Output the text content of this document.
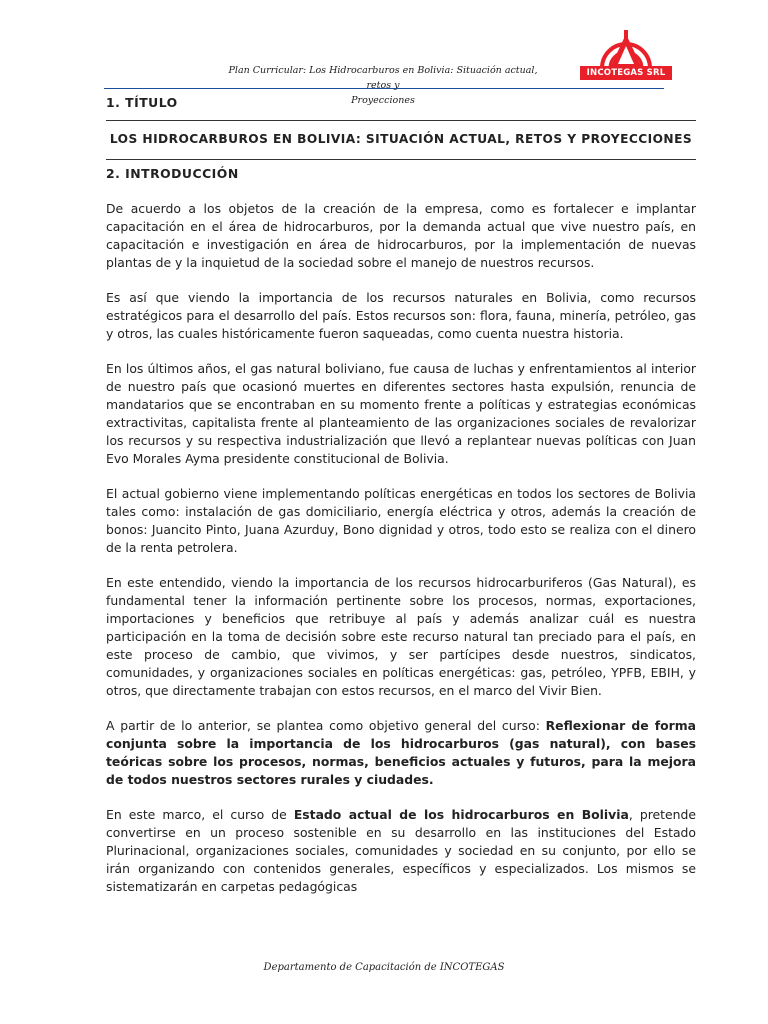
Plan Curricular: Los Hidrocarburos en Bolivia: Situación actual, retos y
Proyecciones
INCOTEGAS SRL
1. TÍTULO
LOS HIDROCARBUROS EN BOLIVIA: SITUACIÓN ACTUAL, RETOS Y PROYECCIONES
2. INTRODUCCIÓN

De acuerdo a los objetos de la creación de la empresa, como es fortalecer e implantar capacitación en el área de hidrocarburos, por la demanda actual que vive nuestro país, en capacitación e investigación en área de hidrocarburos, por la implementación de nuevas plantas de y la inquietud de la sociedad sobre el manejo de nuestros recursos.

Es así que viendo la importancia de los recursos naturales en Bolivia, como recursos estratégicos para el desarrollo del país. Estos recursos son: flora, fauna, minería, petróleo, gas y otros, las cuales históricamente fueron saqueadas, como cuenta nuestra historia.

En los últimos años, el gas natural boliviano, fue causa de luchas y enfrentamientos al interior de nuestro país que ocasionó muertes en diferentes sectores hasta expulsión, renuncia de mandatarios que se encontraban en su momento frente a políticas y estrategias económicas extractivitas, capitalista frente al planteamiento de las organizaciones sociales de revalorizar los recursos y su respectiva industrialización que llevó a replantear nuevas políticas con Juan Evo Morales Ayma presidente constitucional de Bolivia.

El actual gobierno viene implementando políticas energéticas en todos los sectores de Bolivia tales como: instalación de gas domiciliario, energía eléctrica y otros, además la creación de bonos: Juancito Pinto, Juana Azurduy, Bono dignidad y otros, todo esto se realiza con el dinero de la renta petrolera.

En este entendido, viendo la importancia de los recursos hidrocarburiferos (Gas Natural), es fundamental tener la información pertinente sobre los procesos, normas, exportaciones, importaciones y beneficios que retribuye al país y además analizar cuál es nuestra participación en la toma de decisión sobre este recurso natural tan preciado para el país, en este proceso de cambio, que vivimos, y ser partícipes desde nuestros, sindicatos, comunidades, y organizaciones sociales en políticas energéticas: gas, petróleo, YPFB, EBIH, y otros, que directamente trabajan con estos recursos, en el marco del Vivir Bien.

A partir de lo anterior, se plantea como objetivo general del curso: Reflexionar de forma conjunta sobre la importancia de los hidrocarburos (gas natural), con bases teóricas sobre los procesos, normas, beneficios actuales y futuros, para la mejora de todos nuestros sectores rurales y ciudades.

En este marco, el curso de Estado actual de los hidrocarburos en Bolivia, pretende convertirse en un proceso sostenible en su desarrollo en las instituciones del Estado Plurinacional, organizaciones sociales, comunidades y sociedad en su conjunto, por ello se irán organizando con contenidos generales, específicos y especializados. Los mismos se sistematizarán en carpetas pedagógicas

Departamento de Capacitación de INCOTEGAS
